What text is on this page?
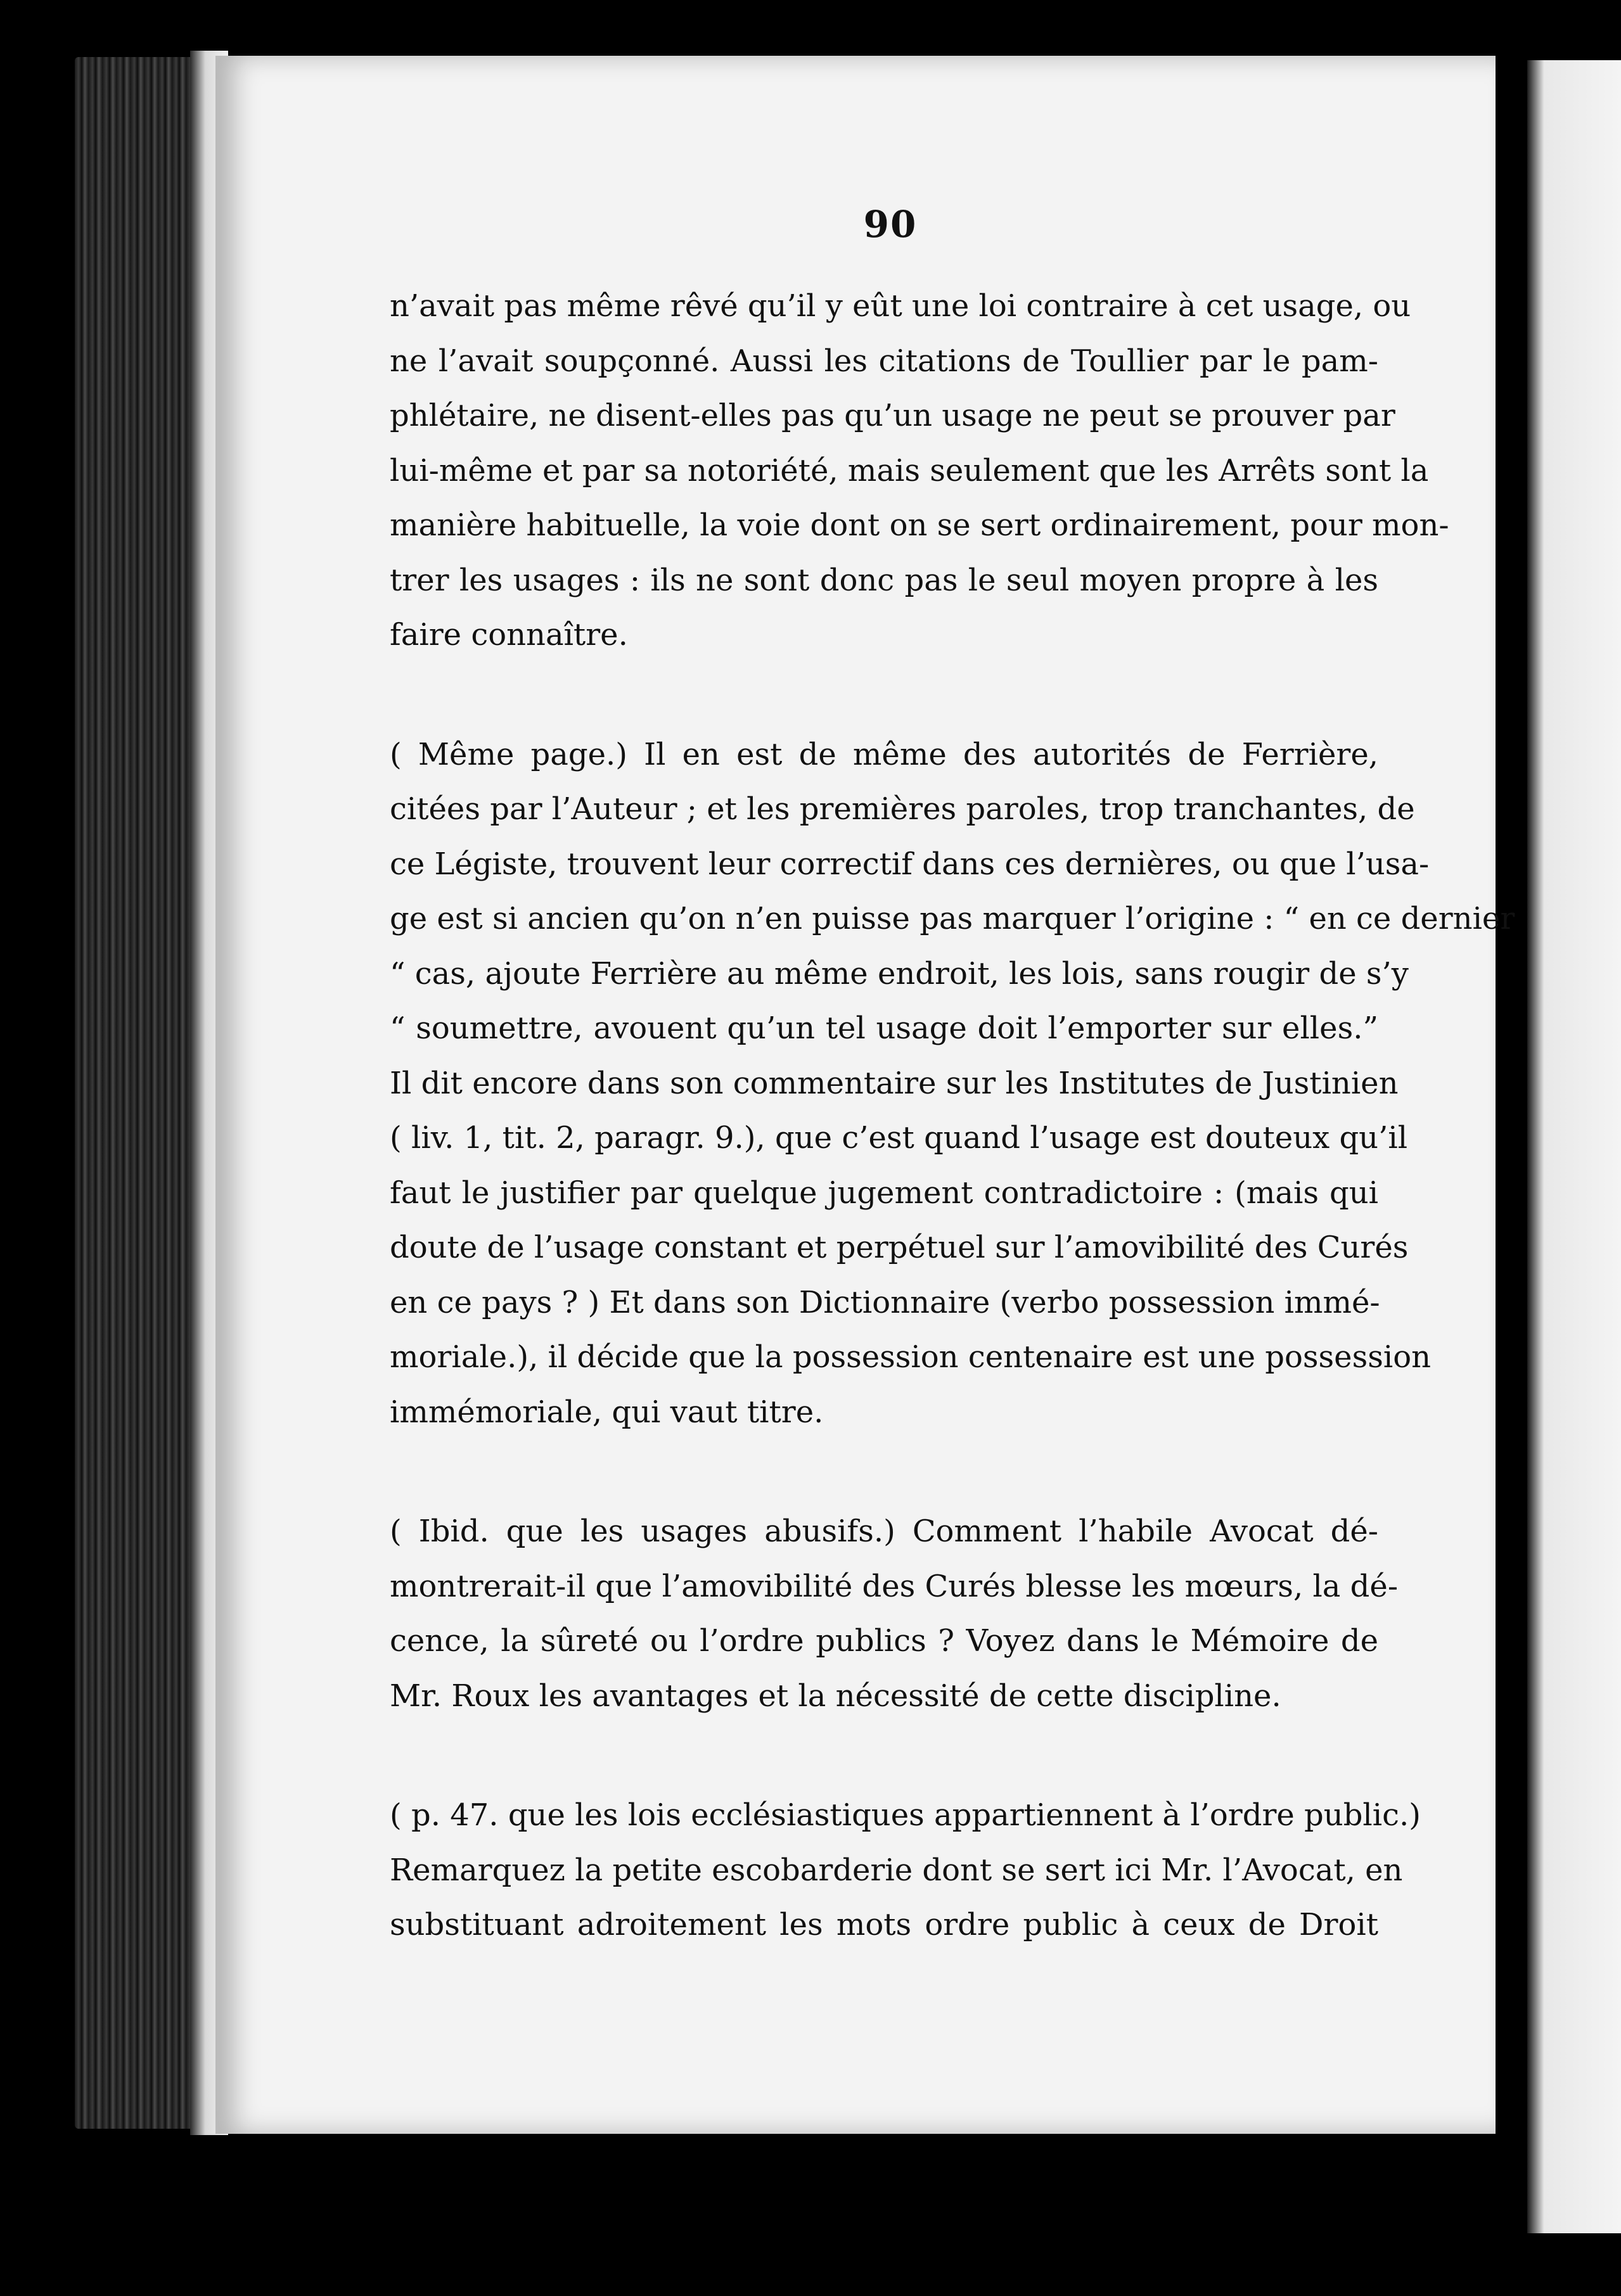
90
n’avait pas même rêvé qu’il y eût une loi contraire à cet usage, ou
ne l’avait soupçonné. Aussi les citations de Toullier par le pam-
phlétaire, ne disent-elles pas qu’un usage ne peut se prouver par
lui-même et par sa notoriété, mais seulement que les Arrêts sont la
manière habituelle, la voie dont on se sert ordinairement, pour mon-
trer les usages : ils ne sont donc pas le seul moyen propre à les
faire connaître.
( Même page.) Il en est de même des autorités de Ferrière,
citées par l’Auteur ; et les premières paroles, trop tranchantes, de
ce Légiste, trouvent leur correctif dans ces dernières, ou que l’usa-
ge est si ancien qu’on n’en puisse pas marquer l’origine : “ en ce dernier
“ cas, ajoute Ferrière au même endroit, les lois, sans rougir de s’y
“ soumettre, avouent qu’un tel usage doit l’emporter sur elles.”
Il dit encore dans son commentaire sur les Institutes de Justinien
( liv. 1, tit. 2, paragr. 9.), que c’est quand l’usage est douteux qu’il
faut le justifier par quelque jugement contradictoire : (mais qui
doute de l’usage constant et perpétuel sur l’amovibilité des Curés
en ce pays ? ) Et dans son Dictionnaire (verbo possession immé-
moriale.), il décide que la possession centenaire est une possession
immémoriale, qui vaut titre.
( Ibid. que les usages abusifs.) Comment l’habile Avocat dé-
montrerait-il que l’amovibilité des Curés blesse les mœurs, la dé-
cence, la sûreté ou l’ordre publics ? Voyez dans le Mémoire de
Mr. Roux les avantages et la nécessité de cette discipline.
( p. 47. que les lois ecclésiastiques appartiennent à l’ordre public.)
Remarquez la petite escobarderie dont se sert ici Mr. l’Avocat, en
substituant adroitement les mots ordre public à ceux de Droit
